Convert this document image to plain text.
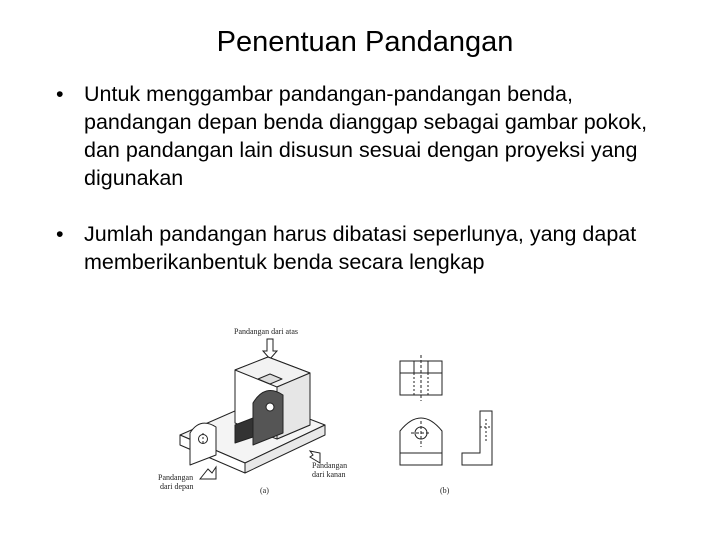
Penentuan Pandangan
• Untuk menggambar pandangan-pandangan benda, pandangan depan benda dianggap sebagai gambar pokok, dan pandangan lain disusun sesuai dengan proyeksi yang digunakan
• Jumlah pandangan harus dibatasi seperlunya, yang dapat memberikanbentuk benda secara lengkap
Pandangan dari atas
Pandangan
dari depan
Pandangan
dari kanan
(a)	(b)
